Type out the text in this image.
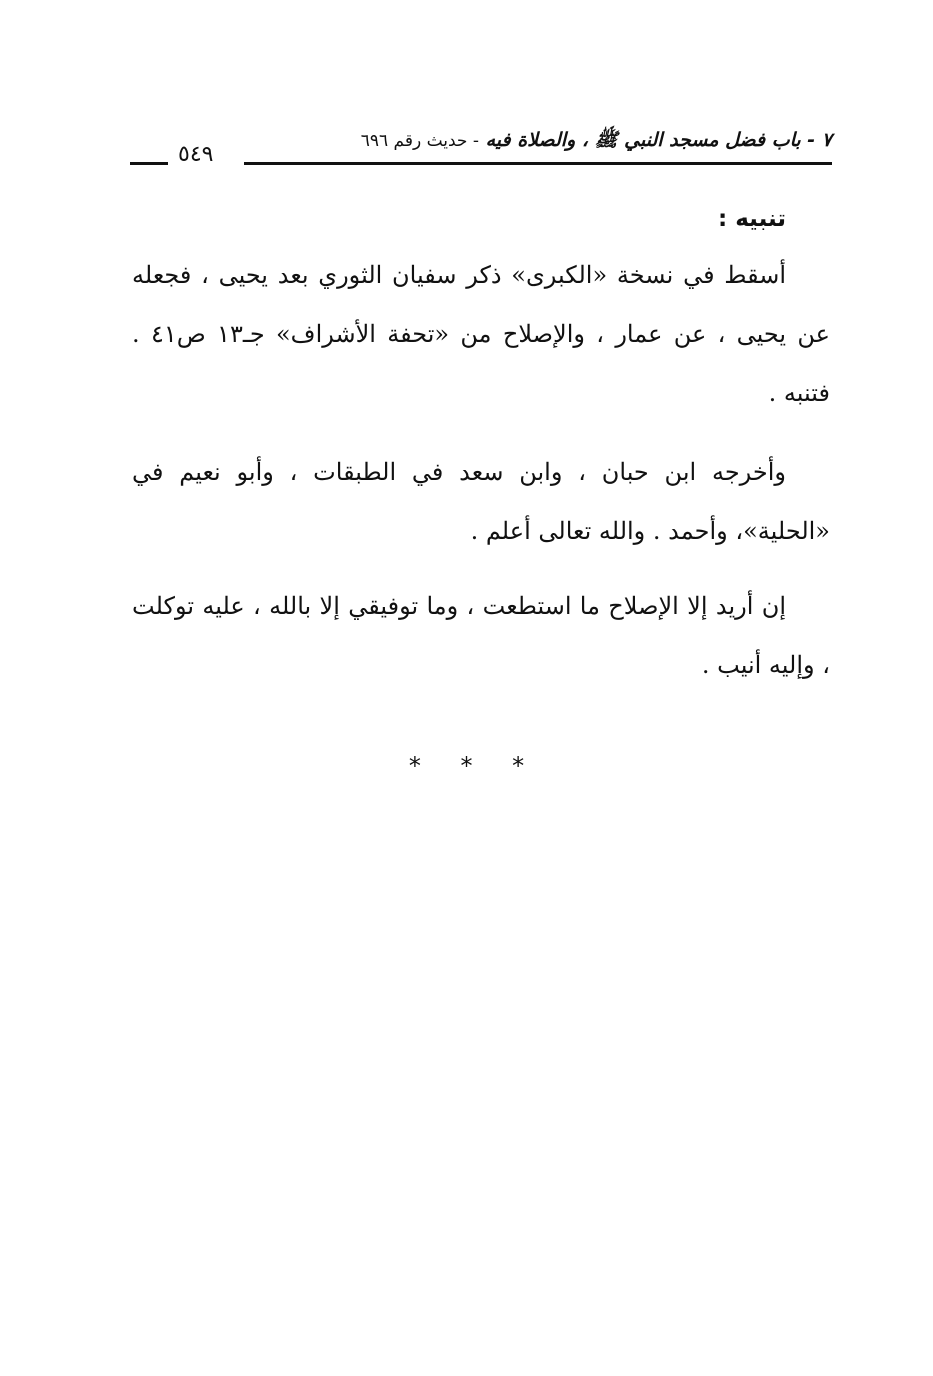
٧ - باب فضل مسجد النبي ﷺ ، والصلاة فيه - حديث رقم ٦٩٦
٥٤٩
تنبيه :

أسقط في نسخة «الكبرى» ذكر سفيان الثوري بعد يحيى ، فجعله عن يحيى ، عن عمار ، والإصلاح من «تحفة الأشراف» جـ١٣ ص٤١ . فتنبه .

وأخرجه ابن حبان ، وابن سعد في الطبقات ، وأبو نعيم في «الحلية»، وأحمد . والله تعالى أعلم .

إن أريد إلا الإصلاح ما استطعت ، وما توفيقي إلا بالله ، عليه توكلت ، وإليه أنيب .

* * *
